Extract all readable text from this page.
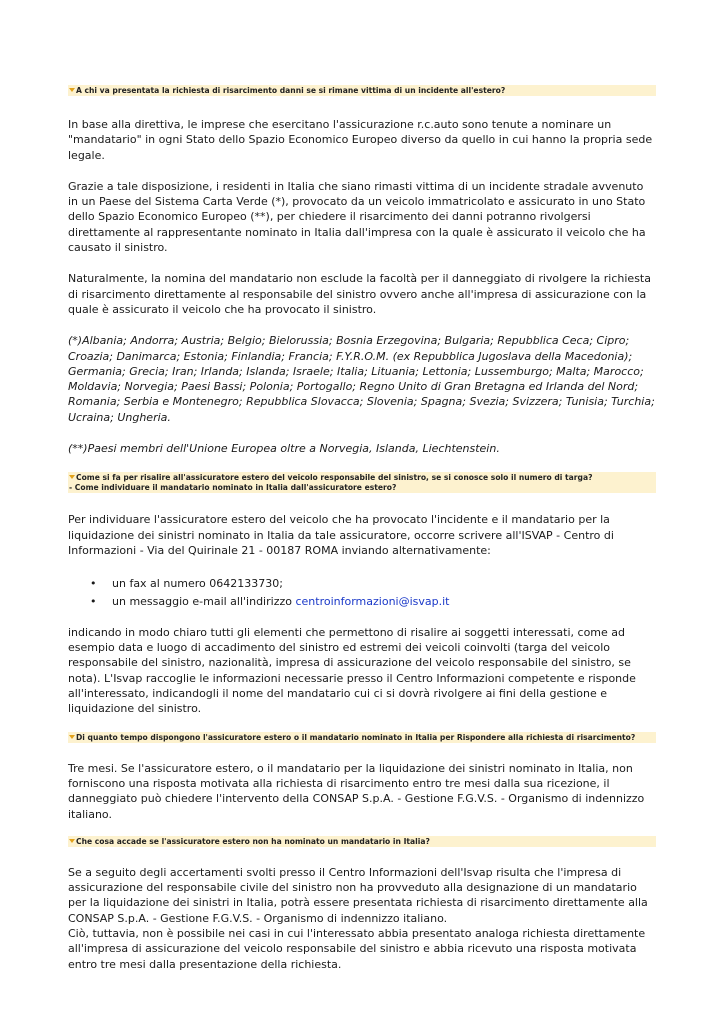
A chi va presentata la richiesta di risarcimento danni se si rimane vittima di un incidente all'estero?

In base alla direttiva, le imprese che esercitano l'assicurazione r.c.auto sono tenute a nominare un "mandatario" in ogni Stato dello Spazio Economico Europeo diverso da quello in cui hanno la propria sede legale.

Grazie a tale disposizione, i residenti in Italia che siano rimasti vittima di un incidente stradale avvenuto in un Paese del Sistema Carta Verde (*), provocato da un veicolo immatricolato e assicurato in uno Stato dello Spazio Economico Europeo (**), per chiedere il risarcimento dei danni potranno rivolgersi direttamente al rappresentante nominato in Italia dall'impresa con la quale è assicurato il veicolo che ha causato il sinistro.

Naturalmente, la nomina del mandatario non esclude la facoltà per il danneggiato di rivolgere la richiesta di risarcimento direttamente al responsabile del sinistro ovvero anche all'impresa di assicurazione con la quale è assicurato il veicolo che ha provocato il sinistro.

(*)Albania; Andorra; Austria; Belgio; Bielorussia; Bosnia Erzegovina; Bulgaria; Repubblica Ceca; Cipro; Croazia; Danimarca; Estonia; Finlandia; Francia; F.Y.R.O.M. (ex Repubblica Jugoslava della Macedonia); Germania; Grecia; Iran; Irlanda; Islanda; Israele; Italia; Lituania; Lettonia; Lussemburgo; Malta; Marocco; Moldavia; Norvegia; Paesi Bassi; Polonia; Portogallo; Regno Unito di Gran Bretagna ed Irlanda del Nord; Romania; Serbia e Montenegro; Repubblica Slovacca; Slovenia; Spagna; Svezia; Svizzera; Tunisia; Turchia; Ucraina; Ungheria.

(**)Paesi membri dell'Unione Europea oltre a Norvegia, Islanda, Liechtenstein.

Come si fa per risalire all'assicuratore estero del veicolo responsabile del sinistro, se si conosce solo il numero di targa?
- Come individuare il mandatario nominato in Italia dall'assicuratore estero?

Per individuare l'assicuratore estero del veicolo che ha provocato l'incidente e il mandatario per la liquidazione dei sinistri nominato in Italia da tale assicuratore, occorre scrivere all'ISVAP - Centro di Informazioni - Via del Quirinale 21 - 00187 ROMA inviando alternativamente:

• un fax al numero 0642133730;
• un messaggio e-mail all'indirizzo centroinformazioni@isvap.it

indicando in modo chiaro tutti gli elementi che permettono di risalire ai soggetti interessati, come ad esempio data e luogo di accadimento del sinistro ed estremi dei veicoli coinvolti (targa del veicolo responsabile del sinistro, nazionalità, impresa di assicurazione del veicolo responsabile del sinistro, se nota). L'Isvap raccoglie le informazioni necessarie presso il Centro Informazioni competente e risponde all'interessato, indicandogli il nome del mandatario cui ci si dovrà rivolgere ai fini della gestione e liquidazione del sinistro.

Di quanto tempo dispongono l'assicuratore estero o il mandatario nominato in Italia per Rispondere alla richiesta di risarcimento?

Tre mesi. Se l'assicuratore estero, o il mandatario per la liquidazione dei sinistri nominato in Italia, non forniscono una risposta motivata alla richiesta di risarcimento entro tre mesi dalla sua ricezione, il danneggiato può chiedere l'intervento della CONSAP S.p.A. - Gestione F.G.V.S. - Organismo di indennizzo italiano.

Che cosa accade se l'assicuratore estero non ha nominato un mandatario in Italia?

Se a seguito degli accertamenti svolti presso il Centro Informazioni dell'Isvap risulta che l'impresa di assicurazione del responsabile civile del sinistro non ha provveduto alla designazione di un mandatario per la liquidazione dei sinistri in Italia, potrà essere presentata richiesta di risarcimento direttamente alla CONSAP S.p.A. - Gestione F.G.V.S. - Organismo di indennizzo italiano.

Ciò, tuttavia, non è possibile nei casi in cui l'interessato abbia presentato analoga richiesta direttamente all'impresa di assicurazione del veicolo responsabile del sinistro e abbia ricevuto una risposta motivata entro tre mesi dalla presentazione della richiesta.
